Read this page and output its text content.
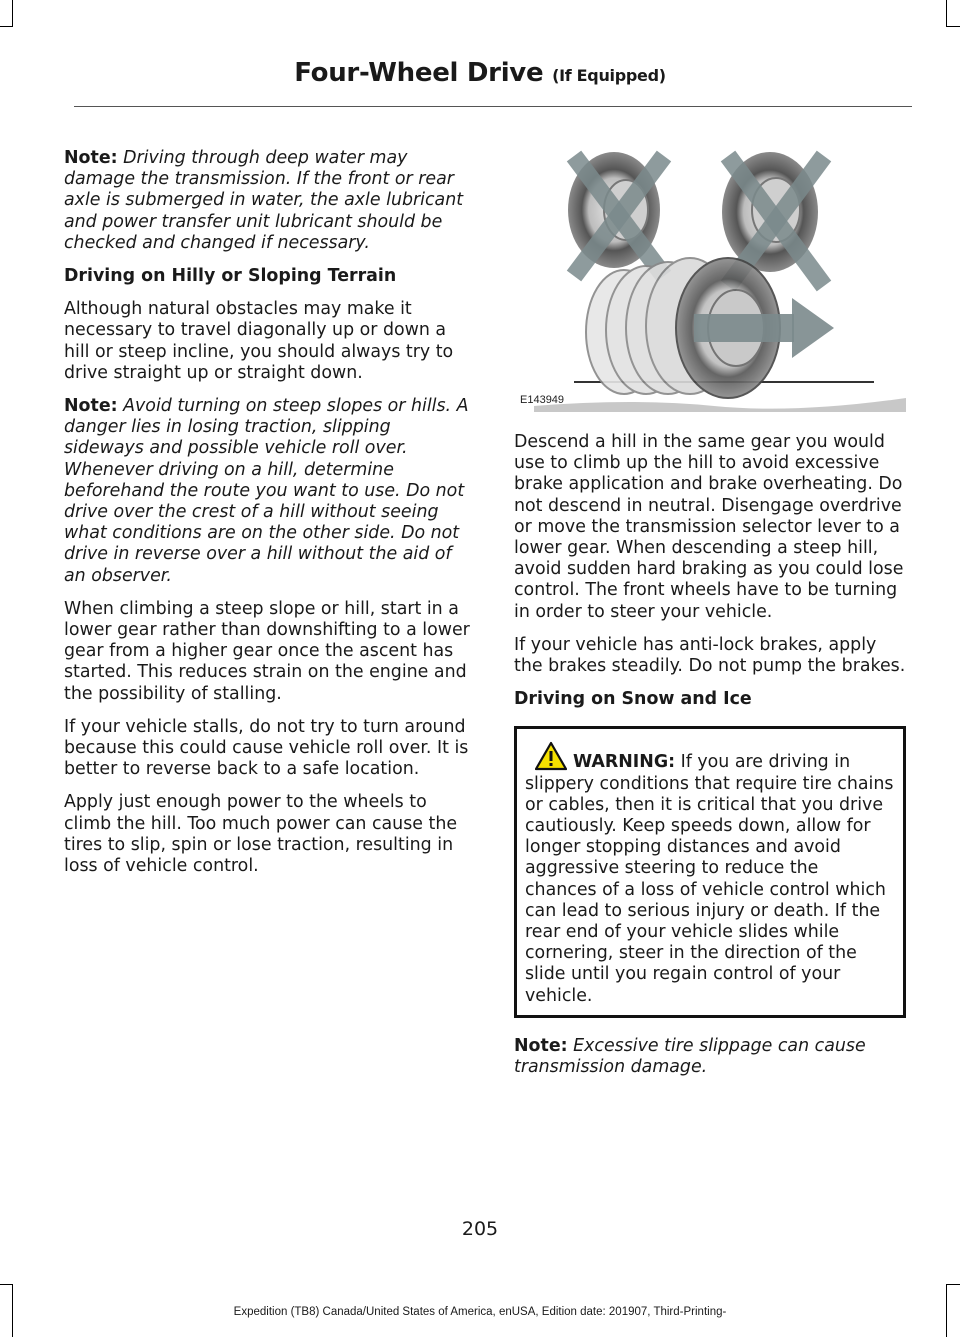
Four-Wheel Drive (If Equipped)

Note: Driving through deep water may damage the transmission. If the front or rear axle is submerged in water, the axle lubricant and power transfer unit lubricant should be checked and changed if necessary.

Driving on Hilly or Sloping Terrain

Although natural obstacles may make it necessary to travel diagonally up or down a hill or steep incline, you should always try to drive straight up or straight down.

Note: Avoid turning on steep slopes or hills. A danger lies in losing traction, slipping sideways and possible vehicle roll over. Whenever driving on a hill, determine beforehand the route you want to use. Do not drive over the crest of a hill without seeing what conditions are on the other side. Do not drive in reverse over a hill without the aid of an observer.

When climbing a steep slope or hill, start in a lower gear rather than downshifting to a lower gear from a higher gear once the ascent has started. This reduces strain on the engine and the possibility of stalling.

If your vehicle stalls, do not try to turn around because this could cause vehicle roll over. It is better to reverse back to a safe location.

Apply just enough power to the wheels to climb the hill. Too much power can cause the tires to slip, spin or lose traction, resulting in loss of vehicle control.

E143949

Descend a hill in the same gear you would use to climb up the hill to avoid excessive brake application and brake overheating. Do not descend in neutral. Disengage overdrive or move the transmission selector lever to a lower gear. When descending a steep hill, avoid sudden hard braking as you could lose control. The front wheels have to be turning in order to steer your vehicle.

If your vehicle has anti-lock brakes, apply the brakes steadily. Do not pump the brakes.

Driving on Snow and Ice
WARNING: If you are driving in slippery conditions that require tire chains or cables, then it is critical that you drive cautiously. Keep speeds down, allow for longer stopping distances and avoid aggressive steering to reduce the chances of a loss of vehicle control which can lead to serious injury or death. If the rear end of your vehicle slides while cornering, steer in the direction of the slide until you regain control of your vehicle.

Note: Excessive tire slippage can cause transmission damage.

205
Expedition (TB8) Canada/United States of America, enUSA, Edition date: 201907, Third-Printing-
